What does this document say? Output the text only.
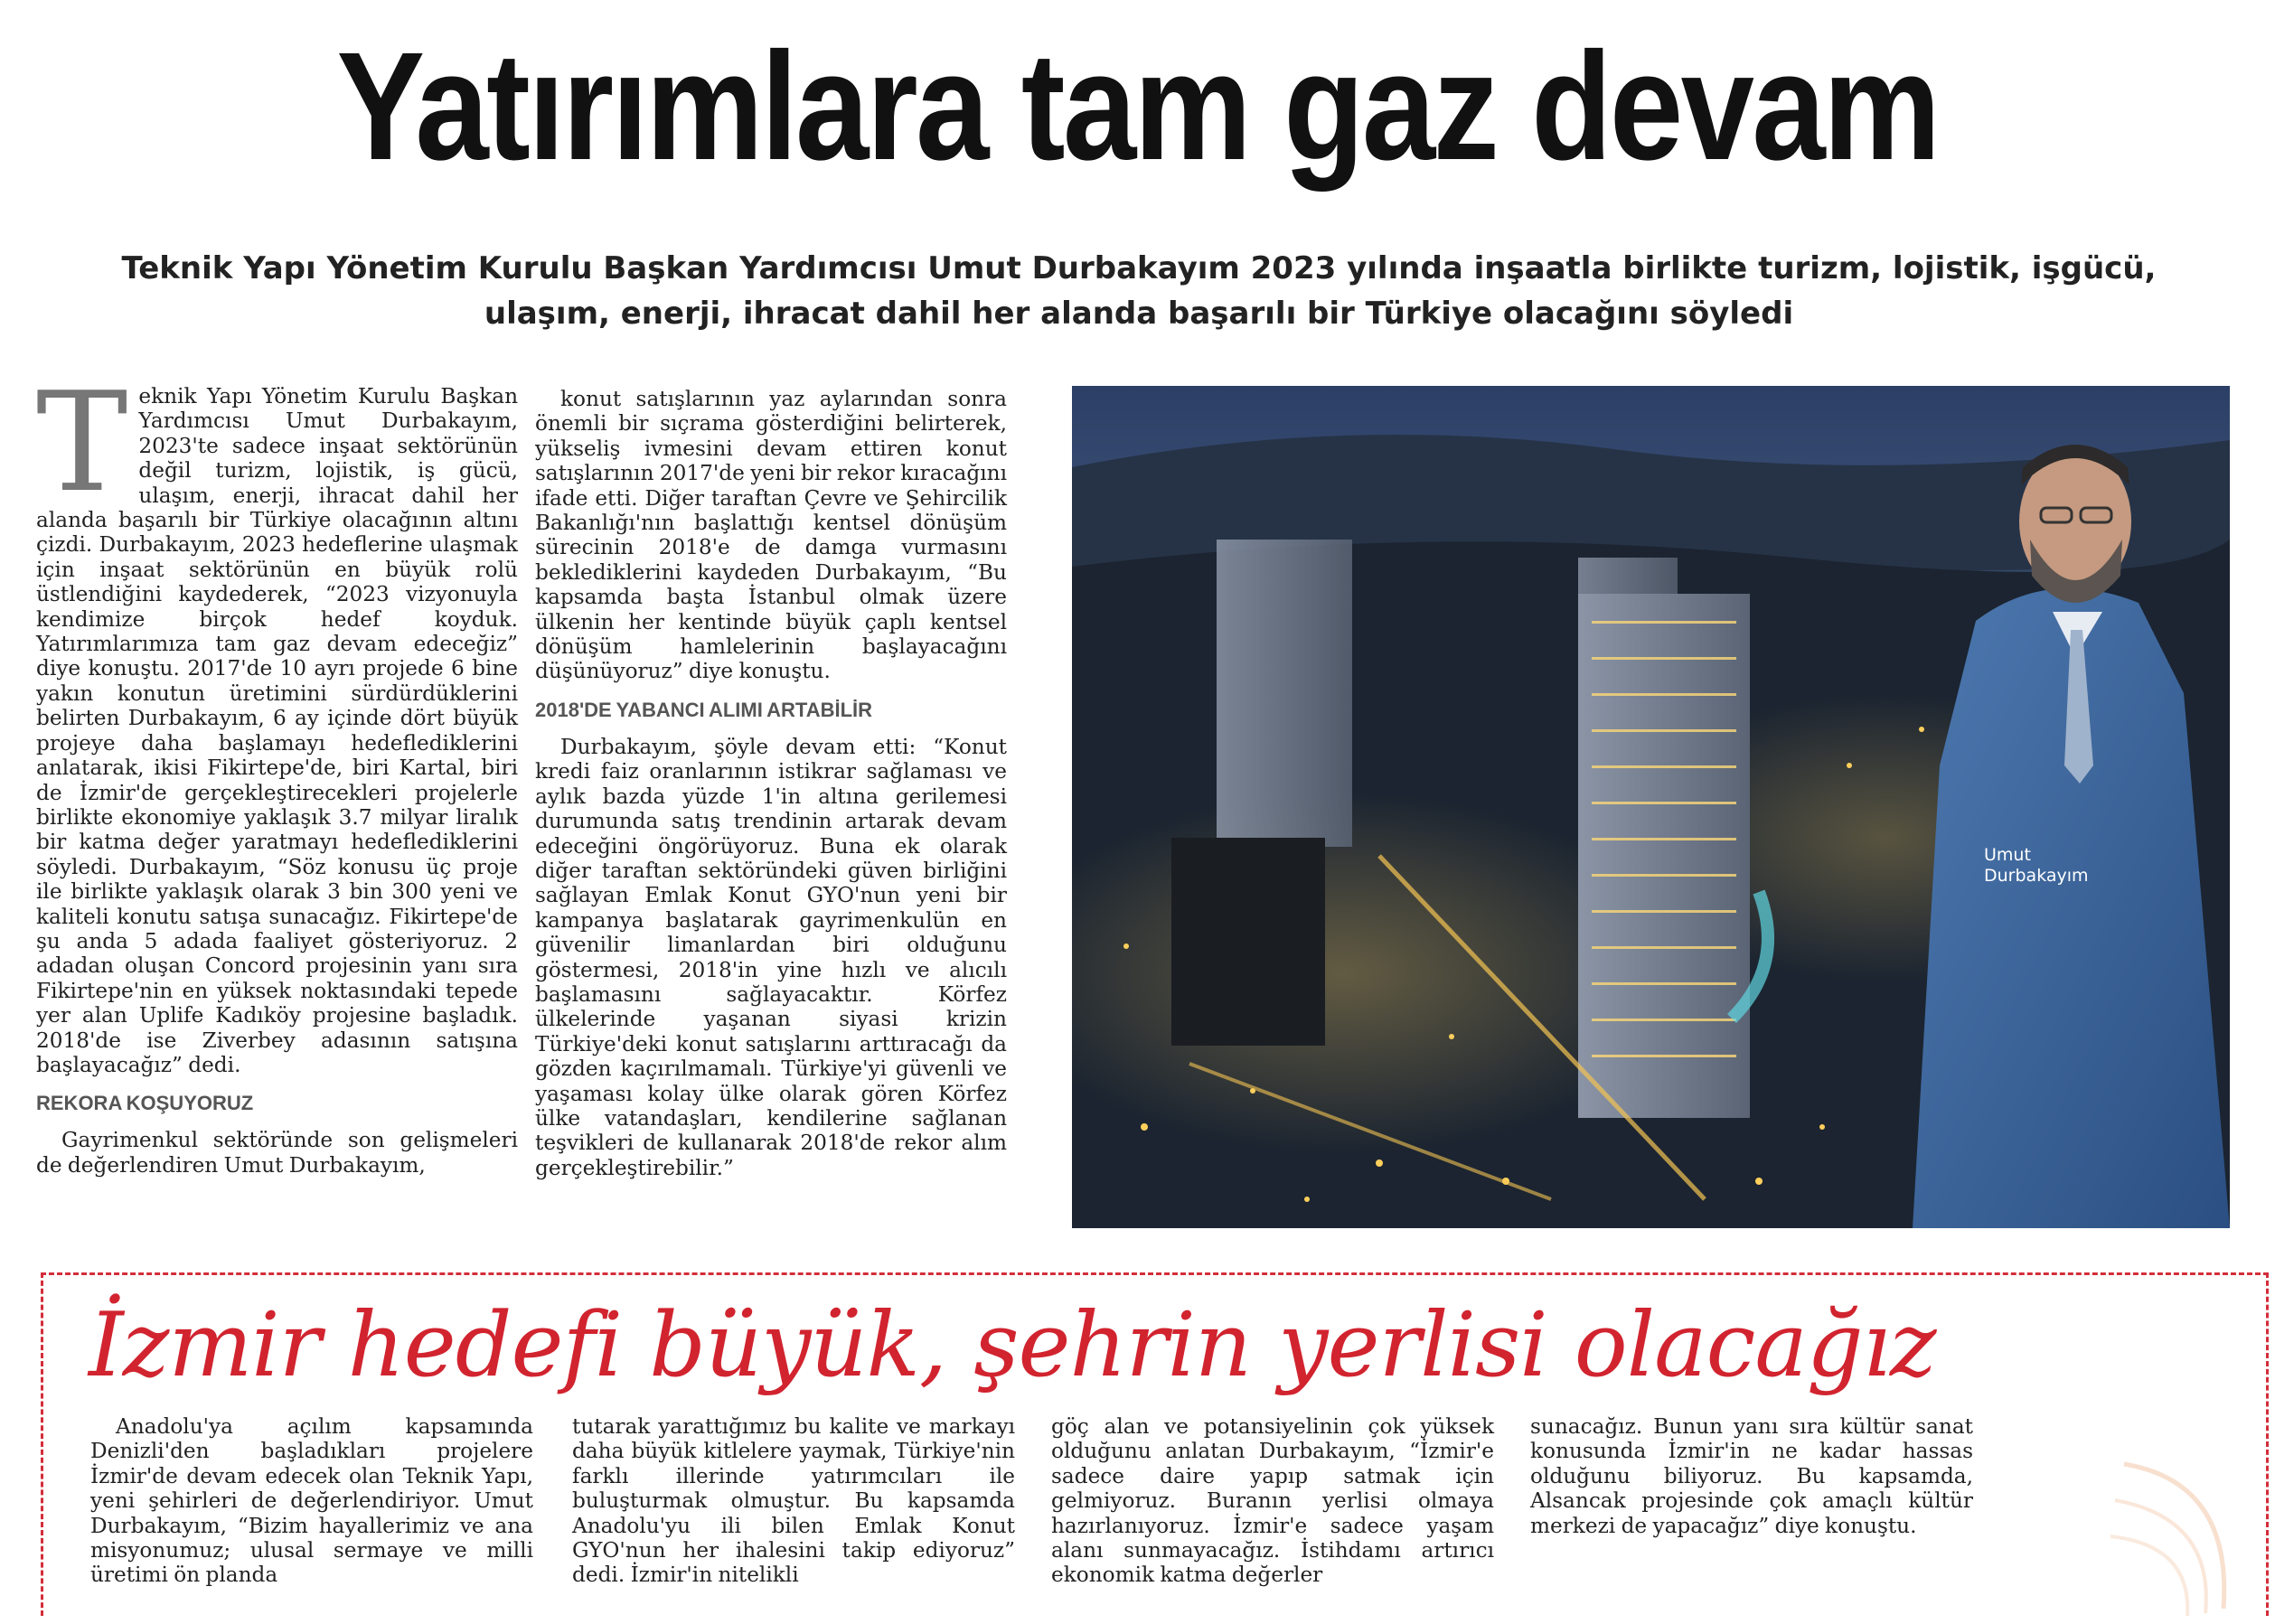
Yatırımlara tam gaz devam
Teknik Yapı Yönetim Kurulu Başkan Yardımcısı Umut Durbakayım 2023 yılında inşaatla birlikte turizm, lojistik, işgücü,
ulaşım, enerji, ihracat dahil her alanda başarılı bir Türkiye olacağını söyledi
T eknik Yapı Yönetim Kurulu Başkan Yardımcısı Umut Durbakayım, 2023'te sadece inşaat sektörünün değil turizm, lojistik, iş gücü, ulaşım, enerji, ihracat dahil her alanda başarılı bir Türkiye olacağının altını çizdi. Durbakayım, 2023 hedeflerine ulaşmak için inşaat sektörünün en büyük rolü üstlendiğini kaydederek, “2023 vizyonuyla kendimize birçok hedef koyduk. Yatırımlarımıza tam gaz devam edeceğiz” diye konuştu. 2017'de 10 ayrı projede 6 bine yakın konutun üretimini sürdürdüklerini belirten Durbakayım, 6 ay içinde dört büyük projeye daha başlamayı hedeflediklerini anlatarak, ikisi Fikirtepe'de, biri Kartal, biri de İzmir'de gerçekleştirecekleri projelerle birlikte ekonomiye yaklaşık 3.7 milyar liralık bir katma değer yaratmayı hedeflediklerini söyledi. Durbakayım, “Söz konusu üç proje ile birlikte yaklaşık olarak 3 bin 300 yeni ve kaliteli konutu satışa sunacağız. Fikirtepe'de şu anda 5 adada faaliyet gösteriyoruz. 2 adadan oluşan Concord projesinin yanı sıra Fikirtepe'nin en yüksek noktasındaki tepede yer alan Uplife Kadıköy projesine başladık. 2018'de ise Ziverbey adasının satışına başlayacağız” dedi.

REKORA KOŞUYORUZ

Gayrimenkul sektöründe son gelişmeleri de değerlendiren Umut Durbakayım,

konut satışlarının yaz aylarından sonra önemli bir sıçrama gösterdiğini belirterek, yükseliş ivmesini devam ettiren konut satışlarının 2017'de yeni bir rekor kıracağını ifade etti. Diğer taraftan Çevre ve Şehircilik Bakanlığı'nın başlattığı kentsel dönüşüm sürecinin 2018'e de damga vurmasını beklediklerini kaydeden Durbakayım, “Bu kapsamda başta İstanbul olmak üzere ülkenin her kentinde büyük çaplı kentsel dönüşüm hamlelerinin başlayacağını düşünüyoruz” diye konuştu.

2018'DE YABANCI ALIMI ARTABİLİR

Durbakayım, şöyle devam etti: “Konut kredi faiz oranlarının istikrar sağlaması ve aylık bazda yüzde 1'in altına gerilemesi durumunda satış trendinin artarak devam edeceğini öngörüyoruz. Buna ek olarak diğer taraftan sektöründeki güven birliğini sağlayan Emlak Konut GYO'nun yeni bir kampanya başlatarak gayrimenkulün en güvenilir limanlardan biri olduğunu göstermesi, 2018'in yine hızlı ve alıcılı başlamasını sağlayacaktır. Körfez ülkelerinde yaşanan siyasi krizin Türkiye'deki konut satışlarını arttıracağı da gözden kaçırılmamalı. Türkiye'yi güvenli ve yaşaması kolay ülke olarak gören Körfez ülke vatandaşları, kendilerine sağlanan teşvikleri de kullanarak 2018'de rekor alım gerçekleştirebilir.”

Umut
Durbakayım
İzmir hedefi büyük, şehrin yerlisi olacağız

Anadolu'ya açılım kapsamında Denizli'den başladıkları projelere İzmir'de devam edecek olan Teknik Yapı, yeni şehirleri de değerlendiriyor. Umut Durbakayım, “Bizim hayallerimiz ve ana misyonumuz; ulusal sermaye ve milli üretimi ön planda

tutarak yarattığımız bu kalite ve markayı daha büyük kitlelere yaymak, Türkiye'nin farklı illerinde yatırımcıları ile buluşturmak olmuştur. Bu kapsamda Anadolu'yu ili bilen Emlak Konut GYO'nun her ihalesini takip ediyoruz” dedi. İzmir'in nitelikli

göç alan ve potansiyelinin çok yüksek olduğunu anlatan Durbakayım, “İzmir'e sadece daire yapıp satmak için gelmiyoruz. Buranın yerlisi olmaya hazırlanıyoruz. İzmir'e sadece yaşam alanı sunmayacağız. İstihdamı artırıcı ekonomik katma değerler

sunacağız. Bunun yanı sıra kültür sanat konusunda İzmir'in ne kadar hassas olduğunu biliyoruz. Bu kapsamda, Alsancak projesinde çok amaçlı kültür merkezi de yapacağız” diye konuştu.
